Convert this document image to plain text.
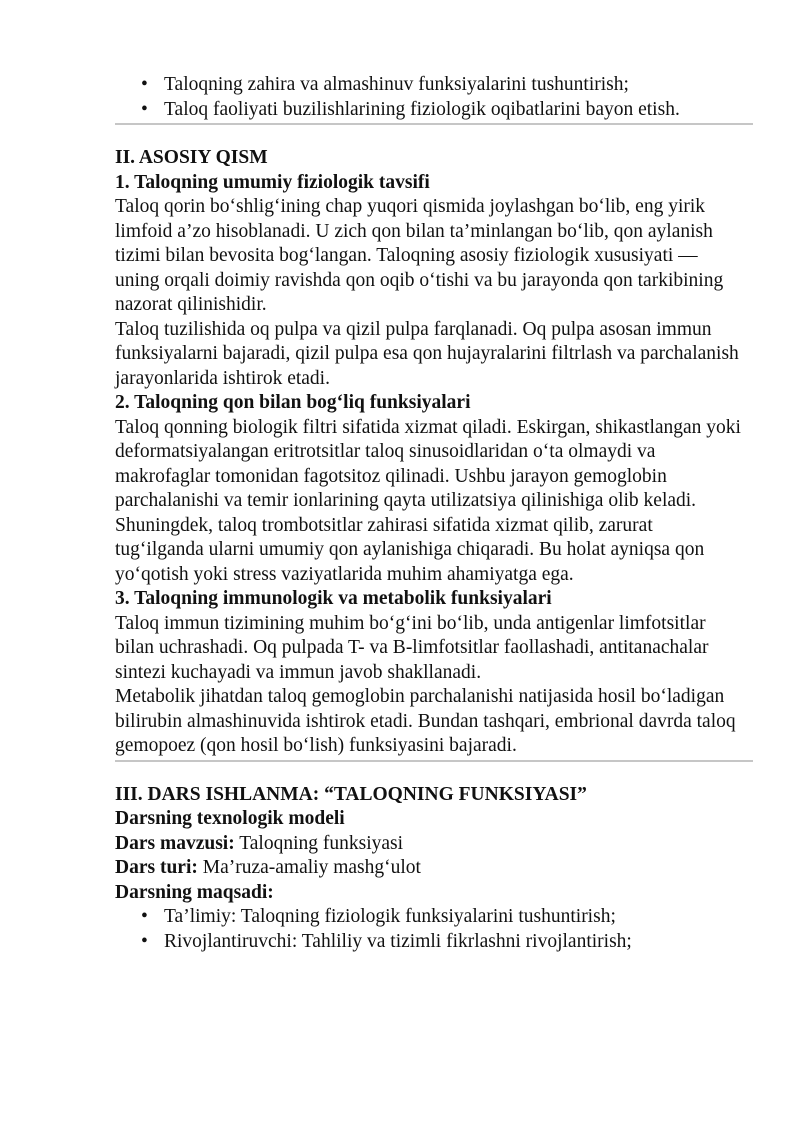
• Taloqning zahira va almashinuv funksiyalarini tushuntirish;
• Taloq faoliyati buzilishlarining fiziologik oqibatlarini bayon etish.
II. ASOSIY QISM
1. Taloqning umumiy fiziologik tavsifi

Taloq qorin bo‘shlig‘ining chap yuqori qismida joylashgan bo‘lib, eng yirik limfoid a’zo hisoblanadi. U zich qon bilan ta’minlangan bo‘lib, qon aylanish tizimi bilan bevosita bog‘langan. Taloqning asosiy fiziologik xususiyati — uning orqali doimiy ravishda qon oqib o‘tishi va bu jarayonda qon tarkibining nazorat qilinishidir.

Taloq tuzilishida oq pulpa va qizil pulpa farqlanadi. Oq pulpa asosan immun funksiyalarni bajaradi, qizil pulpa esa qon hujayralarini filtrlash va parchalanish jarayonlarida ishtirok etadi.

2. Taloqning qon bilan bog‘liq funksiyalari

Taloq qonning biologik filtri sifatida xizmat qiladi. Eskirgan, shikastlangan yoki deformatsiyalangan eritrotsitlar taloq sinusoidlaridan o‘ta olmaydi va makrofaglar tomonidan fagotsitoz qilinadi. Ushbu jarayon gemoglobin parchalanishi va temir ionlarining qayta utilizatsiya qilinishiga olib keladi.

Shuningdek, taloq trombotsitlar zahirasi sifatida xizmat qilib, zarurat tug‘ilganda ularni umumiy qon aylanishiga chiqaradi. Bu holat ayniqsa qon yo‘qotish yoki stress vaziyatlarida muhim ahamiyatga ega.

3. Taloqning immunologik va metabolik funksiyalari

Taloq immun tizimining muhim bo‘g‘ini bo‘lib, unda antigenlar limfotsitlar bilan uchrashadi. Oq pulpada T- va B-limfotsitlar faollashadi, antitanachalar sintezi kuchayadi va immun javob shakllanadi.

Metabolik jihatdan taloq gemoglobin parchalanishi natijasida hosil bo‘ladigan bilirubin almashinuvida ishtirok etadi. Bundan tashqari, embrional davrda taloq gemopoez (qon hosil bo‘lish) funksiyasini bajaradi.

III. DARS ISHLANMA: “TALOQNING FUNKSIYASI”
Darsning texnologik modeli
Dars mavzusi: Taloqning funksiyasi
Dars turi: Ma’ruza-amaliy mashg‘ulot
Darsning maqsadi:
• Ta’limiy: Taloqning fiziologik funksiyalarini tushuntirish;
• Rivojlantiruvchi: Tahliliy va tizimli fikrlashni rivojlantirish;
